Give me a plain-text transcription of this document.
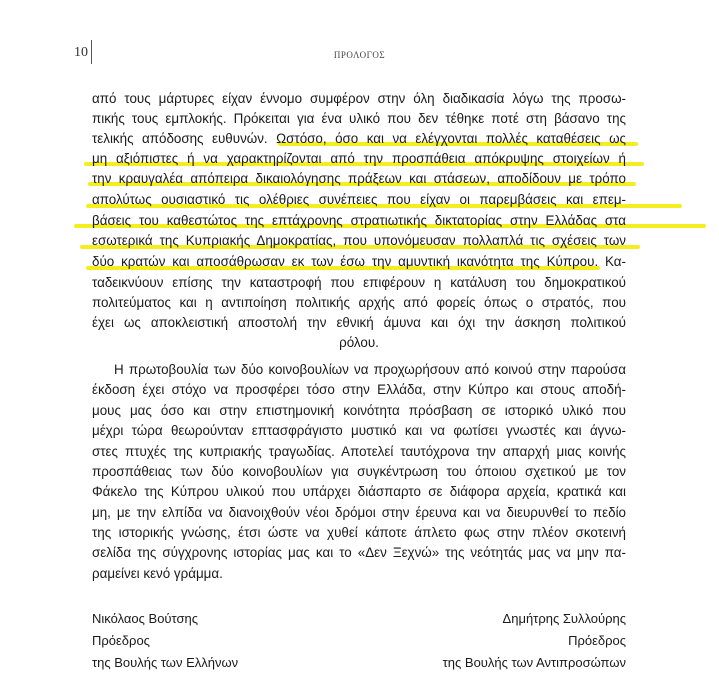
10	ΠΡΟΛΟΓΟΣ
από τους μάρτυρες είχαν έννομο συμφέρον στην όλη διαδικασία λόγω της προσω-
πικής τους εμπλοκής. Πρόκειται για ένα υλικό που δεν τέθηκε ποτέ στη βάσανο της
τελικής απόδοσης ευθυνών. Ωστόσο, όσο και να ελέγχονται πολλές καταθέσεις ως
μη αξιόπιστες ή να χαρακτηρίζονται από την προσπάθεια απόκρυψης στοιχείων ή
την κραυγαλέα απόπειρα δικαιολόγησης πράξεων και στάσεων, αποδίδουν με τρόπο
απολύτως ουσιαστικό τις ολέθριες συνέπειες που είχαν οι παρεμβάσεις και επεμ-
βάσεις του καθεστώτος της επτάχρονης στρατιωτικής δικτατορίας στην Ελλάδας στα
εσωτερικά της Κυπριακής Δημοκρατίας, που υπονόμευσαν πολλαπλά τις σχέσεις των
δύο κρατών και αποσάθρωσαν εκ των έσω την αμυντική ικανότητα της Κύπρου. Κα-
ταδεικνύουν επίσης την καταστροφή που επιφέρουν η κατάλυση του δημοκρατικού
πολιτεύματος και η αντιποίηση πολιτικής αρχής από φορείς όπως ο στρατός, που
έχει ως αποκλειστική αποστολή την εθνική άμυνα και όχι την άσκηση πολιτικού
ρόλου.
Η πρωτοβουλία των δύο κοινοβουλίων να προχωρήσουν από κοινού στην παρούσα
έκδοση έχει στόχο να προσφέρει τόσο στην Ελλάδα, στην Κύπρο και στους αποδή-
μους μας όσο και στην επιστημονική κοινότητα πρόσβαση σε ιστορικό υλικό που
μέχρι τώρα θεωρούνταν επτασφράγιστο μυστικό και να φωτίσει γνωστές και άγνω-
στες πτυχές της κυπριακής τραγωδίας. Αποτελεί ταυτόχρονα την απαρχή μιας κοινής
προσπάθειας των δύο κοινοβουλίων για συγκέντρωση του όποιου σχετικού με τον
Φάκελο της Κύπρου υλικού που υπάρχει διάσπαρτο σε διάφορα αρχεία, κρατικά και
μη, με την ελπίδα να διανοιχθούν νέοι δρόμοι στην έρευνα και να διευρυνθεί το πεδίο
της ιστορικής γνώσης, έτσι ώστε να χυθεί κάποτε άπλετο φως στην πλέον σκοτεινή
σελίδα της σύγχρονης ιστορίας μας και το «Δεν Ξεχνώ» της νεότητάς μας να μην πα-
ραμείνει κενό γράμμα.
Νικόλαος Βούτσης
Πρόεδρος
της Βουλής των Ελλήνων
Δημήτρης Συλλούρης
Πρόεδρος
της Βουλής των Αντιπροσώπων
